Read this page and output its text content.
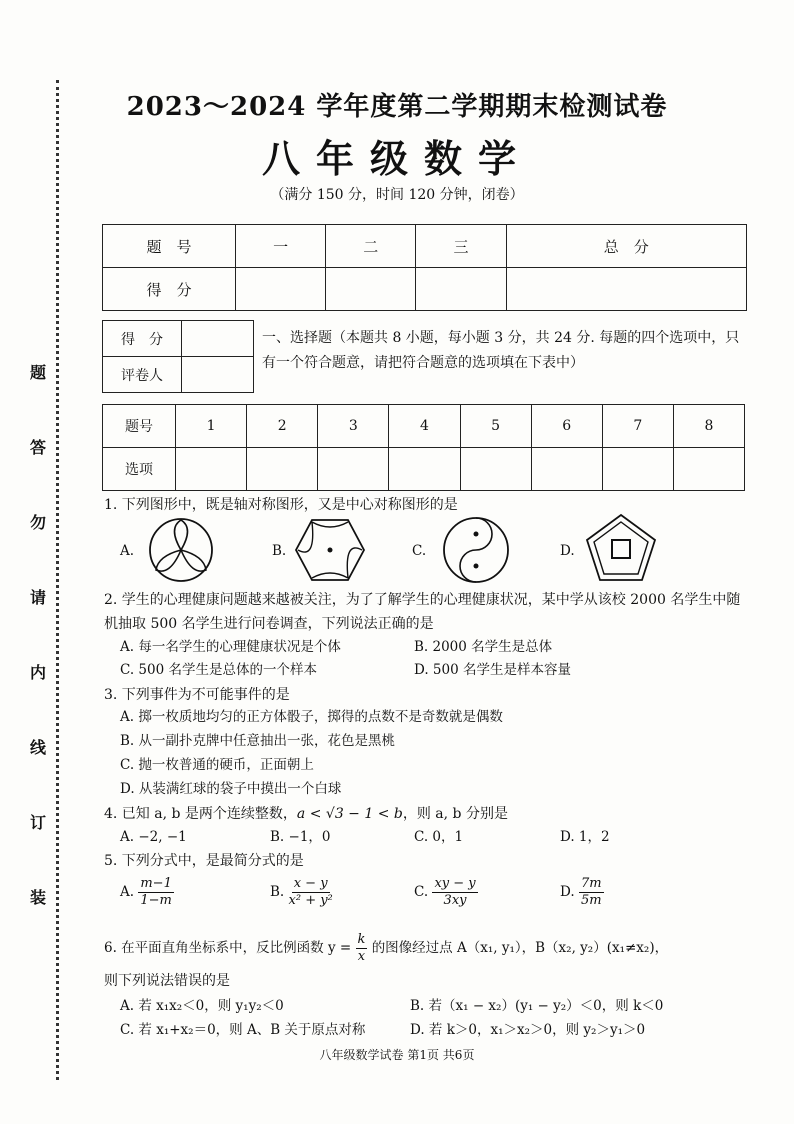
题
答
勿
请
内
线
订
装
2023～2024 学年度第二学期期末检测试卷
八年级数学
（满分 150 分，时间 120 分钟，闭卷）
题　号	一	二	三	总　分
得　分				
得　分	
评卷人	
一、选择题（本题共 8 小题，每小题 3 分，共 24 分. 每题的四个选项中，只有一个符合题意，请把符合题意的选项填在下表中）
题号	1	2	3	4	5	6	7	8
选项								
1. 下列图形中，既是轴对称图形，又是中心对称图形的是
A.	B.	C.	D.
2. 学生的心理健康问题越来越被关注，为了了解学生的心理健康状况，某中学从该校 2000 名学生中随机抽取 500 名学生进行问卷调查，下列说法正确的是
A. 每一名学生的心理健康状况是个体	B. 2000 名学生是总体
C. 500 名学生是总体的一个样本	D. 500 名学生是样本容量
3. 下列事件为不可能事件的是
A. 掷一枚质地均匀的正方体骰子，掷得的点数不是奇数就是偶数
B. 从一副扑克牌中任意抽出一张，花色是黑桃
C. 抛一枚普通的硬币，正面朝上
D. 从装满红球的袋子中摸出一个白球
4. 已知 a, b 是两个连续整数，a < √3 − 1 < b，则 a, b 分别是
A. −2, −1	B. −1，0	C. 0，1	D. 1，2
5. 下列分式中，是最简分式的是
A. $\frac{m-1}{1-m}$	B. $\frac{x - y}{\text{x² + y²}}$	C. $\frac{xy - y}{3xy}$	D. $\frac{7m}{5m}$
6. 在平面直角坐标系中，反比例函数 $y = \frac{k}{x}$ 的图像经过点 A（x₁, y₁），B（x₂, y₂）(x₁≠x₂)，
则下列说法错误的是
A. 若 x₁x₂＜0，则 y₁y₂＜0	B. 若（x₁ − x₂）(y₁ − y₂）＜0，则 k＜0
C. 若 x₁+x₂＝0，则 A、B 关于原点对称	D. 若 k＞0，x₁＞x₂＞0，则 y₂＞y₁＞0
八年级数学试卷 第1页 共6页
